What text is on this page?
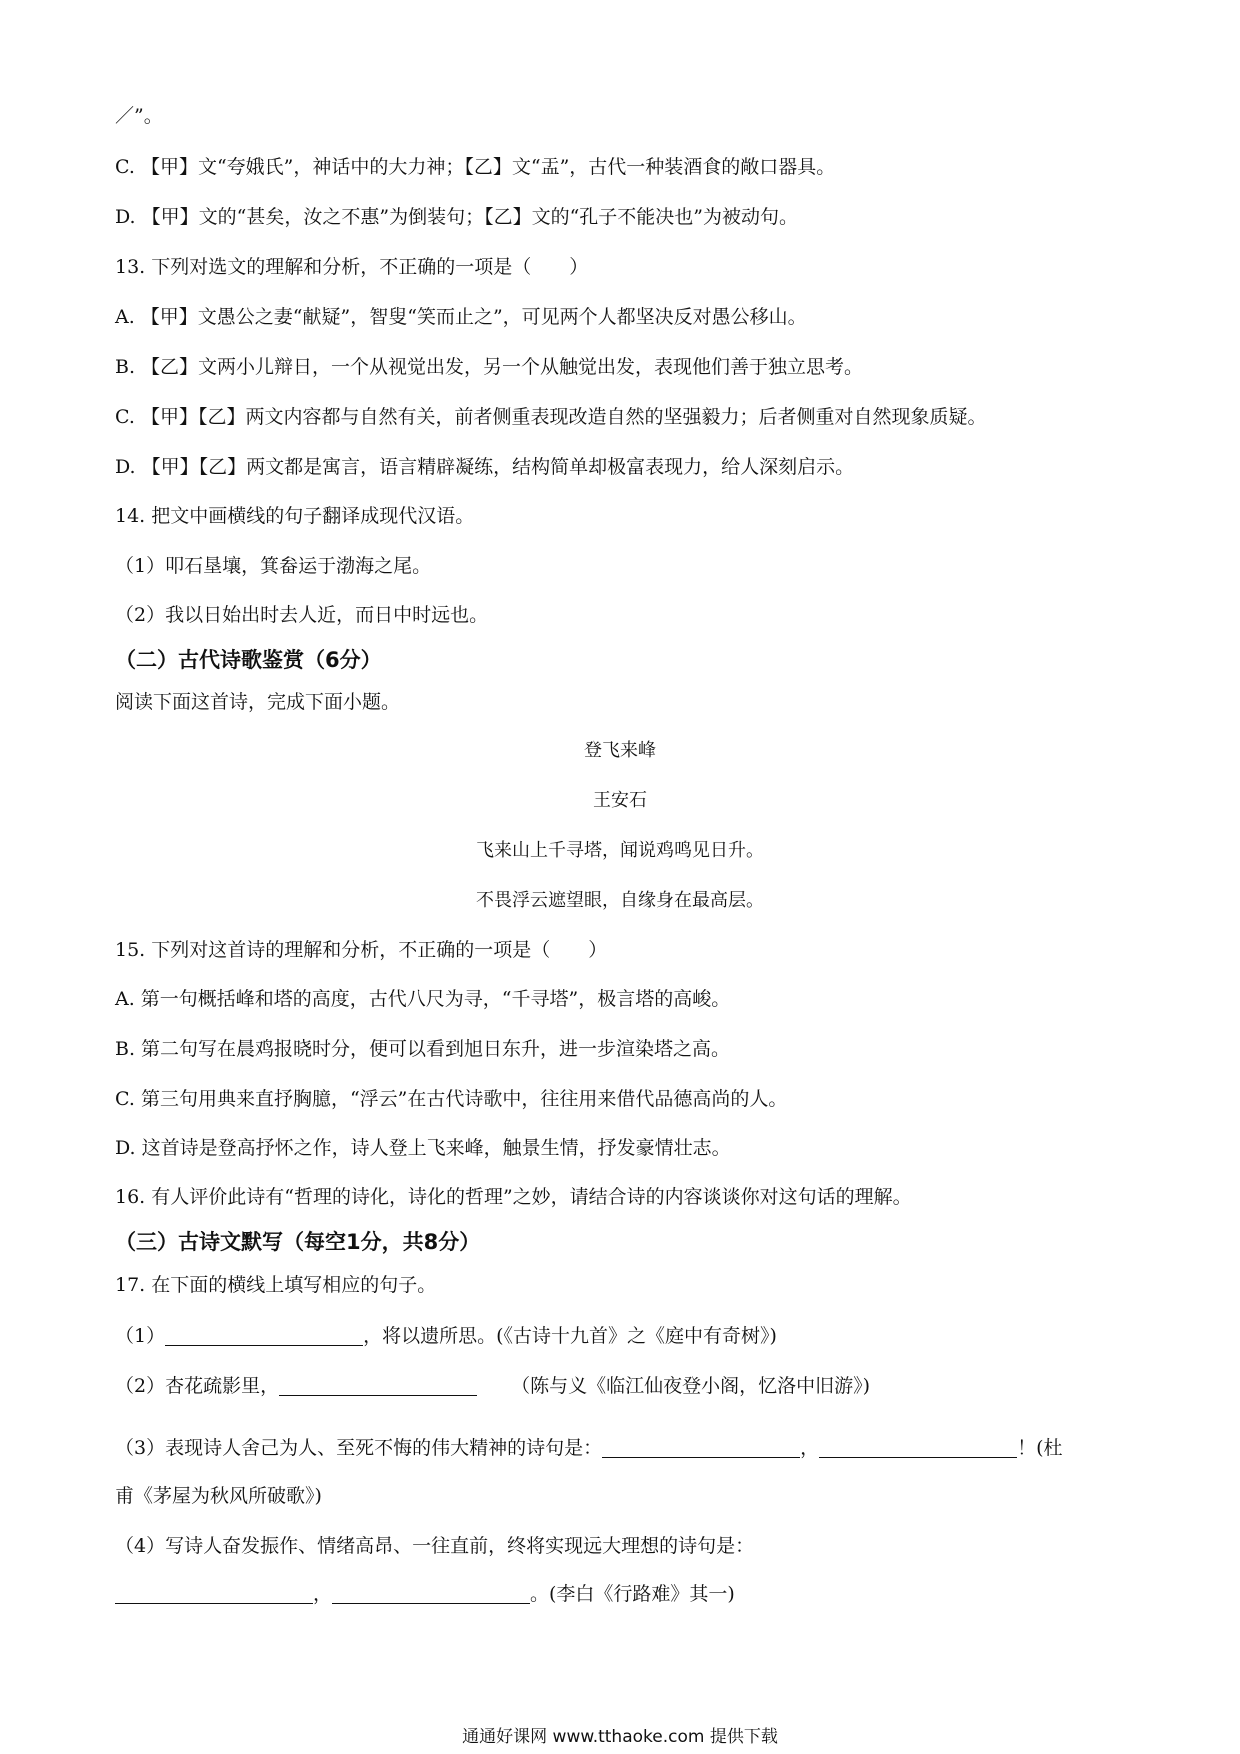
／”。
C. 【甲】文“夸娥氏”，神话中的大力神；【乙】文“盂”，古代一种装酒食的敞口器具。
D. 【甲】文的“甚矣，汝之不惠”为倒装句；【乙】文的“孔子不能决也”为被动句。
13. 下列对选文的理解和分析，不正确的一项是（　　）
A. 【甲】文愚公之妻“献疑”，智叟“笑而止之”，可见两个人都坚决反对愚公移山。
B. 【乙】文两小儿辩日，一个从视觉出发，另一个从触觉出发，表现他们善于独立思考。
C. 【甲】【乙】两文内容都与自然有关，前者侧重表现改造自然的坚强毅力；后者侧重对自然现象质疑。
D. 【甲】【乙】两文都是寓言，语言精辟凝练，结构简单却极富表现力，给人深刻启示。
14. 把文中画横线的句子翻译成现代汉语。
（1）叩石垦壤，箕畚运于渤海之尾。
（2）我以日始出时去人近，而日中时远也。
（二）古代诗歌鉴赏（6分）
阅读下面这首诗，完成下面小题。
登飞来峰
王安石
飞来山上千寻塔，闻说鸡鸣见日升。
不畏浮云遮望眼，自缘身在最高层。
15. 下列对这首诗的理解和分析，不正确的一项是（　　）
A. 第一句概括峰和塔的高度，古代八尺为寻，“千寻塔”，极言塔的高峻。
B. 第二句写在晨鸡报晓时分，便可以看到旭日东升，进一步渲染塔之高。
C. 第三句用典来直抒胸臆，“浮云”在古代诗歌中，往往用来借代品德高尚的人。
D. 这首诗是登高抒怀之作，诗人登上飞来峰，触景生情，抒发豪情壮志。
16. 有人评价此诗有“哲理的诗化，诗化的哲理”之妙，请结合诗的内容谈谈你对这句话的理解。
（三）古诗文默写（每空1分，共8分）
17. 在下面的横线上填写相应的句子。
（1）	，将以遗所思。(《古诗十九首》之《庭中有奇树》)
（2）杏花疏影里，	（陈与义《临江仙夜登小阁，忆洛中旧游》)
（3）表现诗人舍己为人、至死不悔的伟大精神的诗句是：	，	！(杜
甫《茅屋为秋风所破歌》)
（4）写诗人奋发振作、情绪高昂、一往直前，终将实现远大理想的诗句是：
，	。(李白《行路难》其一)
通通好课网 www.tthaoke.com 提供下载
